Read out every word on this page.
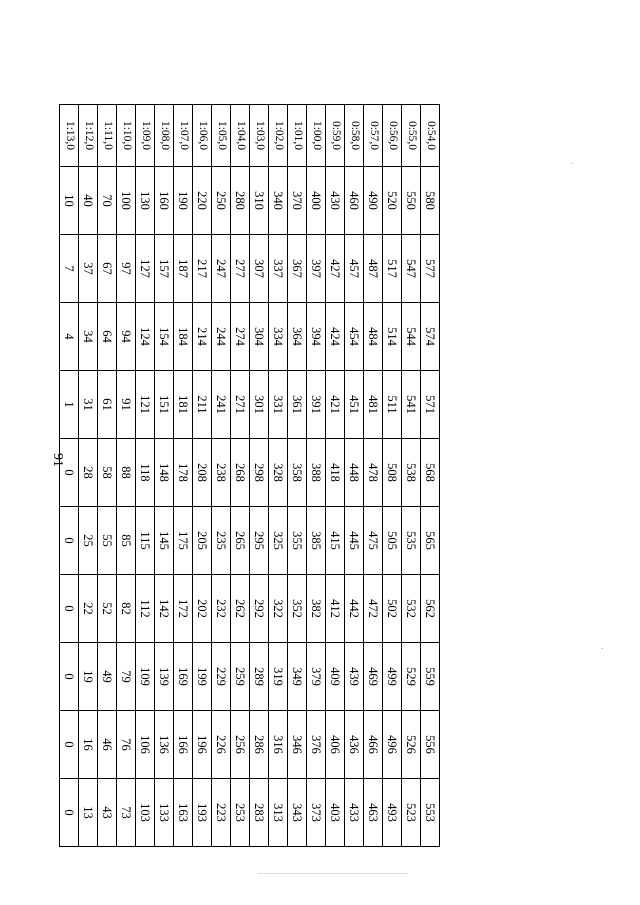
91
0:54,0	580	577	574	571	568	565	562	559	556	553
0:55,0	550	547	544	541	538	535	532	529	526	523
0:56,0	520	517	514	511	508	505	502	499	496	493
0:57,0	490	487	484	481	478	475	472	469	466	463
0:58,0	460	457	454	451	448	445	442	439	436	433
0:59,0	430	427	424	421	418	415	412	409	406	403
1:00,0	400	397	394	391	388	385	382	379	376	373
1:01,0	370	367	364	361	358	355	352	349	346	343
1:02,0	340	337	334	331	328	325	322	319	316	313
1:03,0	310	307	304	301	298	295	292	289	286	283
1:04,0	280	277	274	271	268	265	262	259	256	253
1:05,0	250	247	244	241	238	235	232	229	226	223
1:06,0	220	217	214	211	208	205	202	199	196	193
1:07,0	190	187	184	181	178	175	172	169	166	163
1:08,0	160	157	154	151	148	145	142	139	136	133
1:09,0	130	127	124	121	118	115	112	109	106	103
1:10,0	100	97	94	91	88	85	82	79	76	73
1:11,0	70	67	64	61	58	55	52	49	46	43
1:12,0	40	37	34	31	28	25	22	19	16	13
1:13,0	10	7	4	1	0	0	0	0	0	0
